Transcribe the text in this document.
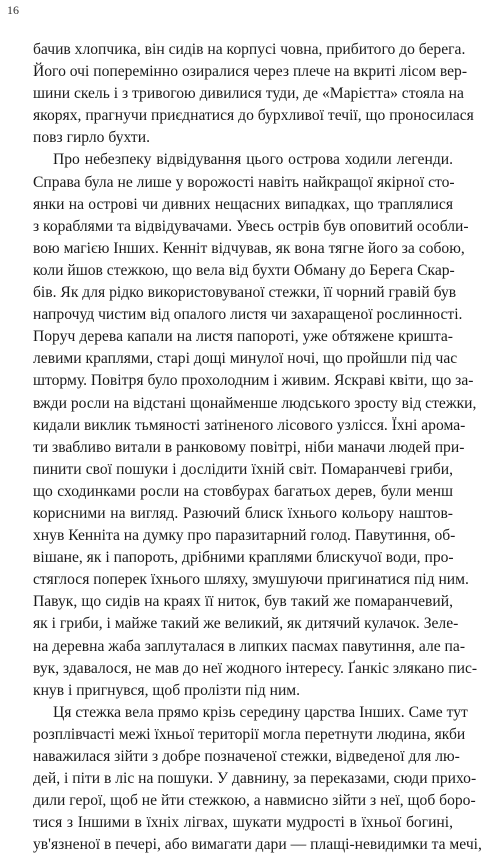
16
бачив хлопчика, він сидів на корпусі човна, прибитого до берега.
Його очі поперемінно озиралися через плече на вкриті лісом вер-
шини скель і з тривогою дивилися туди, де «Марієтта» стояла на
якорях, прагнучи приєднатися до бурхливої течії, що проносилася
повз гирло бухти.
Про небезпеку відвідування цього острова ходили легенди.
Справа була не лише у ворожості навіть найкращої якірної сто-
янки на острові чи дивних нещасних випадках, що траплялися
з кораблями та відвідувачами. Увесь острів був оповитий особли-
вою магією Інших. Кенніт відчував, як вона тягне його за собою,
коли йшов стежкою, що вела від бухти Обману до Берега Скар-
бів. Як для рідко використовуваної стежки, її чорний гравій був
напрочуд чистим від опалого листя чи захаращеної рослинності.
Поруч дерева капали на листя папороті, уже обтяжене кришта-
левими краплями, старі дощі минулої ночі, що пройшли під час
шторму. Повітря було прохолодним і живим. Яскраві квіти, що за-
вжди росли на відстані щонайменше людського зросту від стежки,
кидали виклик тьмяності затіненого лісового узлісся. Їхні арома-
ти звабливо витали в ранковому повітрі, ніби маначи людей при-
пинити свої пошуки і дослідити їхній світ. Помаранчеві гриби,
що сходинками росли на стовбурах багатьох дерев, були менш
корисними на вигляд. Разючий блиск їхнього кольору наштов-
хнув Кенніта на думку про паразитарний голод. Павутиння, об-
вішане, як і папороть, дрібними краплями блискучої води, про-
стяглося поперек їхнього шляху, змушуючи пригинатися під ним.
Павук, що сидів на краях її ниток, був такий же помаранчевий,
як і гриби, і майже такий же великий, як дитячий кулачок. Зеле-
на деревна жаба заплуталася в липких пасмах павутиння, але па-
вук, здавалося, не мав до неї жодного інтересу. Ґанкіс злякано пис-
кнув і пригнувся, щоб пролізти під ним.
Ця стежка вела прямо крізь середину царства Інших. Саме тут
розплівчасті межі їхньої території могла перетнути людина, якби
наважилася зійти з добре позначеної стежки, відведеної для лю-
дей, і піти в ліс на пошуки. У давнину, за переказами, сюди прихо-
дили герої, щоб не йти стежкою, а навмисно зійти з неї, щоб боро-
тися з Іншими в їхніх лігвах, шукати мудрості в їхньої богині,
ув'язненої в печері, або вимагати дари — плащі-невидимки та мечі,
